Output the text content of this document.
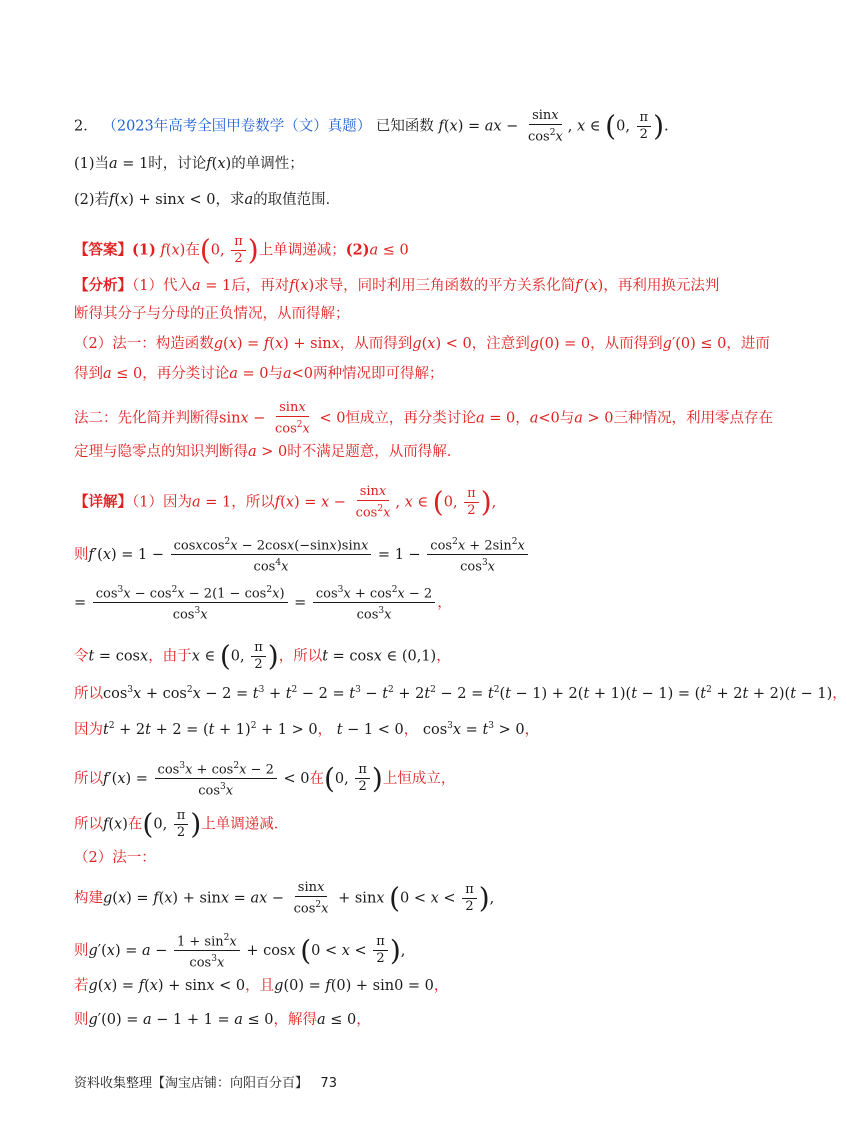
2． （2023年高考全国甲卷数学（文）真题） 已知函数 f(x) = ax − $\frac{\sin x}{\cos^2x}$ , x ∈ (0, $\frac{\pi}{2}$ ).
(1)当a = 1时，讨论f(x)的单调性；
(2)若f(x) + sinx < 0，求a的取值范围．
【答案】(1) f(x)在(0, $\frac{\pi}{2}$ )上单调递减；(2)a ≤ 0
【分析】（1）代入a = 1后，再对f(x)求导，同时利用三角函数的平方关系化简f′(x)，再利用换元法判
断得其分子与分母的正负情况，从而得解；
（2）法一：构造函数g(x) = f(x) + sinx，从而得到g(x) < 0，注意到g(0) = 0，从而得到g′(0) ≤ 0，进而
得到a ≤ 0，再分类讨论a = 0与a<0两种情况即可得解；
法二：先化简并判断得$\sin x - \frac{\sin x}{\cos^2x} < 0$恒成立，再分类讨论a = 0，a<0与a > 0三种情况，利用零点存在
定理与隐零点的知识判断得a > 0时不满足题意，从而得解．
【详解】（1）因为a = 1，所以$f(x) = x - \frac{\sin x}{\cos^2x}$ , x ∈ (0, $\frac{\pi}{2}$ ),
则$f'(x) = 1 - \frac{cosxcos^2x - 2\cos x(-\sin x)\sin x}{\cos^4x} = 1 - \frac{\cos^2x + 2\sin^2x}{\cos^3x}$
= $\frac{\cos^3x - \cos^2x - 2(1 - \cos^2x)}{\cos^3x} = \frac{\cos^3x + \cos^2x - 2}{\cos^3x}$ ，
令t = cosx，由于x ∈ (0, $\frac{\pi}{2}$ )，所以t = cosx ∈ (0,1)，
所以$\cos^3x + \cos^2x - 2 = t^3 + t^2 - 2 = t^3 - t^2 + 2t^2 - 2 = t^2(t - 1) + 2(t + 1)(t - 1) = (t^2 + 2t + 2)(t - 1)$，
因为$t^2 + 2t + 2 = (t + 1)^2 + 1 > 0$， t − 1 < 0， $\cos^3x = t^3 > 0$，
所以$f'(x) = \frac{\cos^3x + \cos^2x - 2}{\cos^3x} < 0$在(0, $\frac{\pi}{2}$ )上恒成立，
所以f(x)在(0, $\frac{\pi}{2}$ )上单调递减．
（2）法一：
构建g(x) = f(x) + sinx = ax − $\frac{\sin x}{\cos^2x} + \sin x$ ($0 < x < \frac{\pi}{2}$ ),
则$g'(x) = a - \frac{1 + \sin^2x}{\cos^3x} + \cos x$ ($0 < x < \frac{\pi}{2}$ ),
若g(x) = f(x) + sinx < 0，且g(0) = f(0) + sin0 = 0，
则g′(0) = a − 1 + 1 = a ≤ 0，解得a ≤ 0，
资料收集整理【淘宝店铺：向阳百分百】 73
